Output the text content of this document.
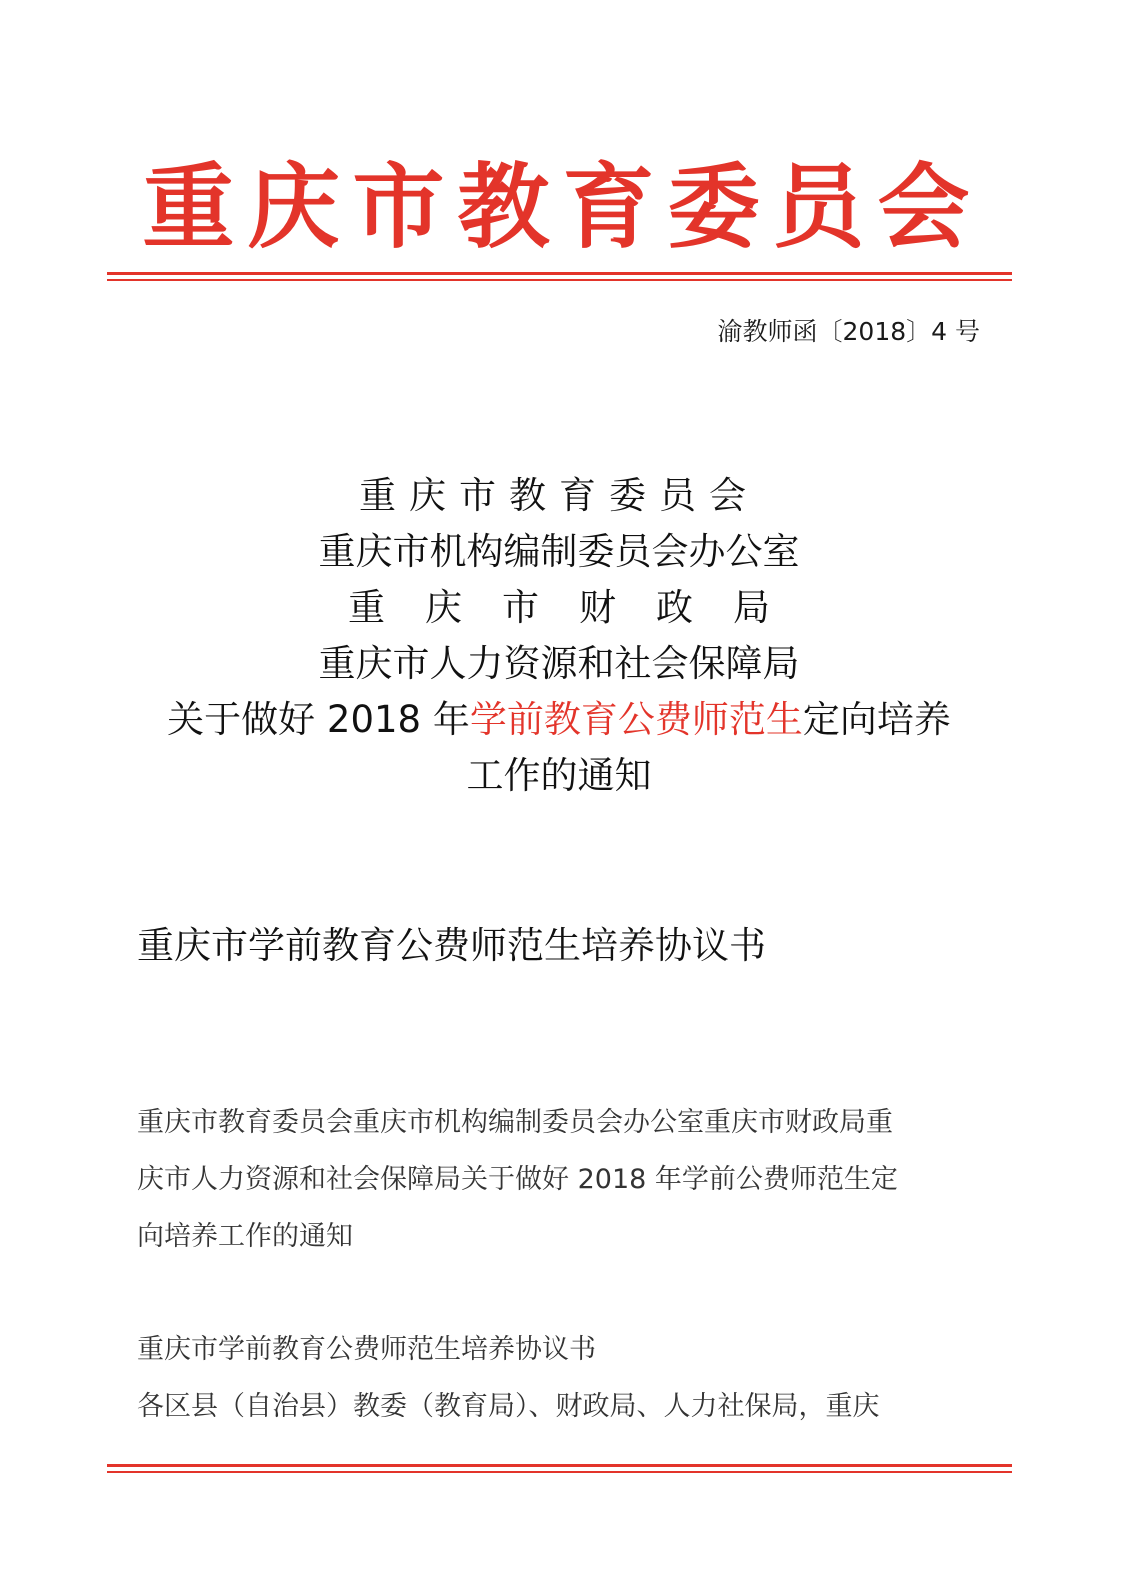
重庆市教育委员会
渝教师函〔2018〕4 号
重庆市教育委员会
重庆市机构编制委员会办公室
重庆市财政局
重庆市人力资源和社会保障局
关于做好 2018 年学前教育公费师范生定向培养
工作的通知
重庆市学前教育公费师范生培养协议书
重庆市教育委员会重庆市机构编制委员会办公室重庆市财政局重
庆市人力资源和社会保障局关于做好 2018 年学前公费师范生定
向培养工作的通知
重庆市学前教育公费师范生培养协议书
各区县（自治县）教委（教育局）、财政局、人力社保局，重庆
